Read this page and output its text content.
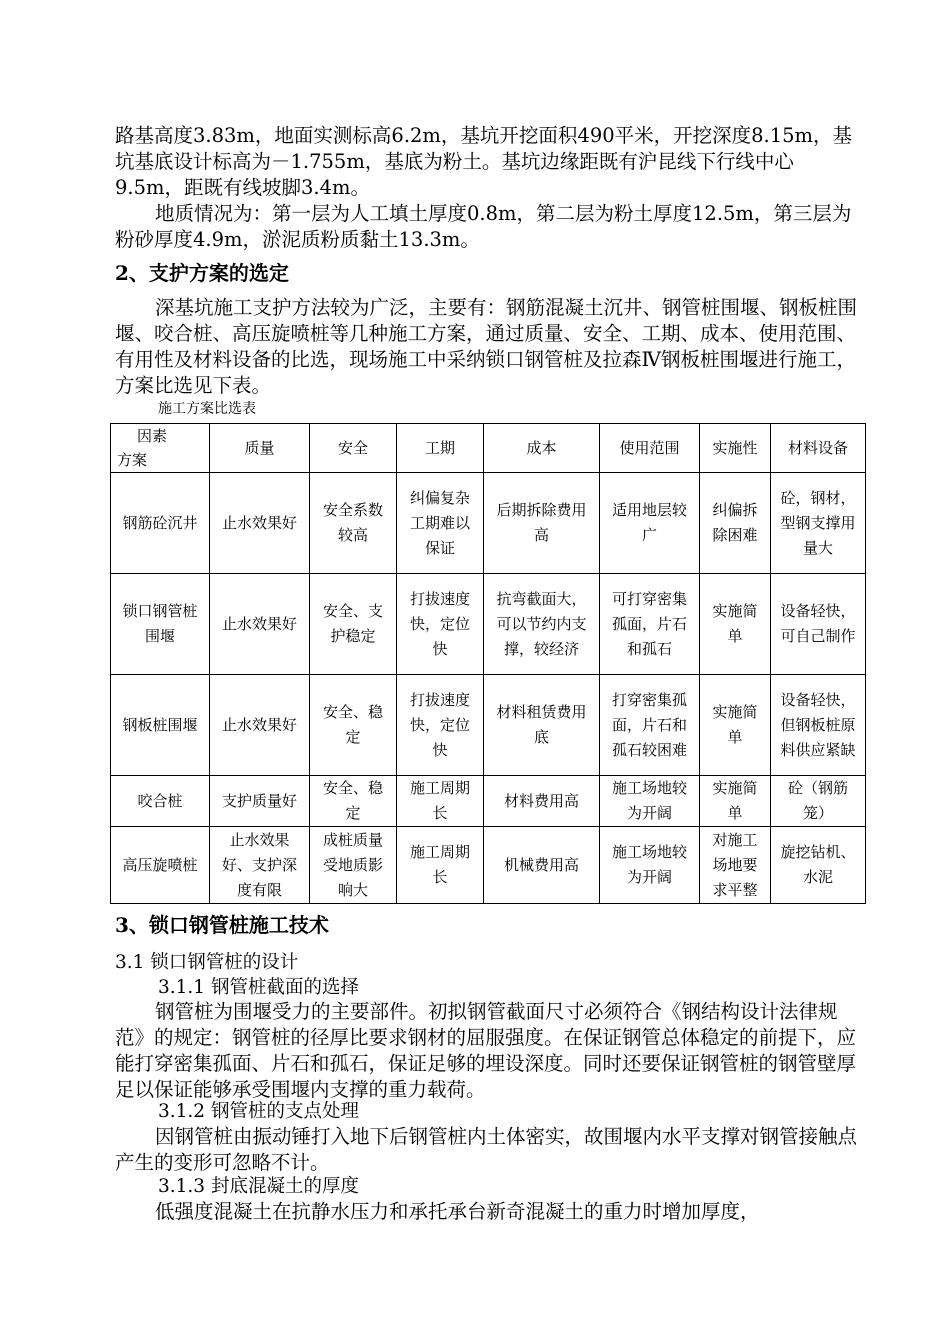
路基高度3.83m，地面实测标高6.2m，基坑开挖面积490平米，开挖深度8.15m，基坑基底设计标高为－1.755m，基底为粉土。基坑边缘距既有沪昆线下行线中心9.5m，距既有线坡脚3.4m。

地质情况为：第一层为人工填土厚度0.8m，第二层为粉土厚度12.5m，第三层为粉砂厚度4.9m，淤泥质粉质黏土13.3m。

2、支护方案的选定

深基坑施工支护方法较为广泛，主要有：钢筋混凝土沉井、钢管桩围堰、钢板桩围堰、咬合桩、高压旋喷桩等几种施工方案，通过质量、安全、工期、成本、使用范围、有用性及材料设备的比选，现场施工中采纳锁口钢管桩及拉森Ⅳ钢板桩围堰进行施工，方案比选见下表。

施工方案比选表
因素
方案	质量	安全	工期	成本	使用范围	实施性	材料设备
钢筋砼沉井	止水效果好	安全系数较高	纠偏复杂工期难以保证	后期拆除费用高	适用地层较广	纠偏拆除困难	砼，钢材，型钢支撑用量大
锁口钢管桩围堰	止水效果好	安全、支护稳定	打拔速度快，定位快	抗弯截面大，可以节约内支撑，较经济	可打穿密集孤面，片石和孤石	实施简单	设备轻快，可自己制作
钢板桩围堰	止水效果好	安全、稳定	打拔速度快，定位快	材料租赁费用底	打穿密集孤面，片石和孤石较困难	实施简单	设备轻快，但钢板桩原料供应紧缺
咬合桩	支护质量好	安全、稳定	施工周期长	材料费用高	施工场地较为开阔	实施简单	砼（钢筋笼）
高压旋喷桩	止水效果好、支护深度有限	成桩质量受地质影响大	施工周期长	机械费用高	施工场地较为开阔	对施工场地要求平整	旋挖钻机、水泥
3、锁口钢管桩施工技术
3.1 锁口钢管桩的设计
3.1.1 钢管桩截面的选择

钢管桩为围堰受力的主要部件。初拟钢管截面尺寸必须符合《钢结构设计法律规范》的规定：钢管桩的径厚比要求钢材的屈服强度。在保证钢管总体稳定的前提下，应能打穿密集孤面、片石和孤石，保证足够的埋设深度。同时还要保证钢管桩的钢管壁厚足以保证能够承受围堰内支撑的重力载荷。

3.1.2 钢管桩的支点处理

因钢管桩由振动锤打入地下后钢管桩内土体密实，故围堰内水平支撑对钢管接触点产生的变形可忽略不计。

3.1.3 封底混凝土的厚度

低强度混凝土在抗静水压力和承托承台新奇混凝土的重力时增加厚度，
